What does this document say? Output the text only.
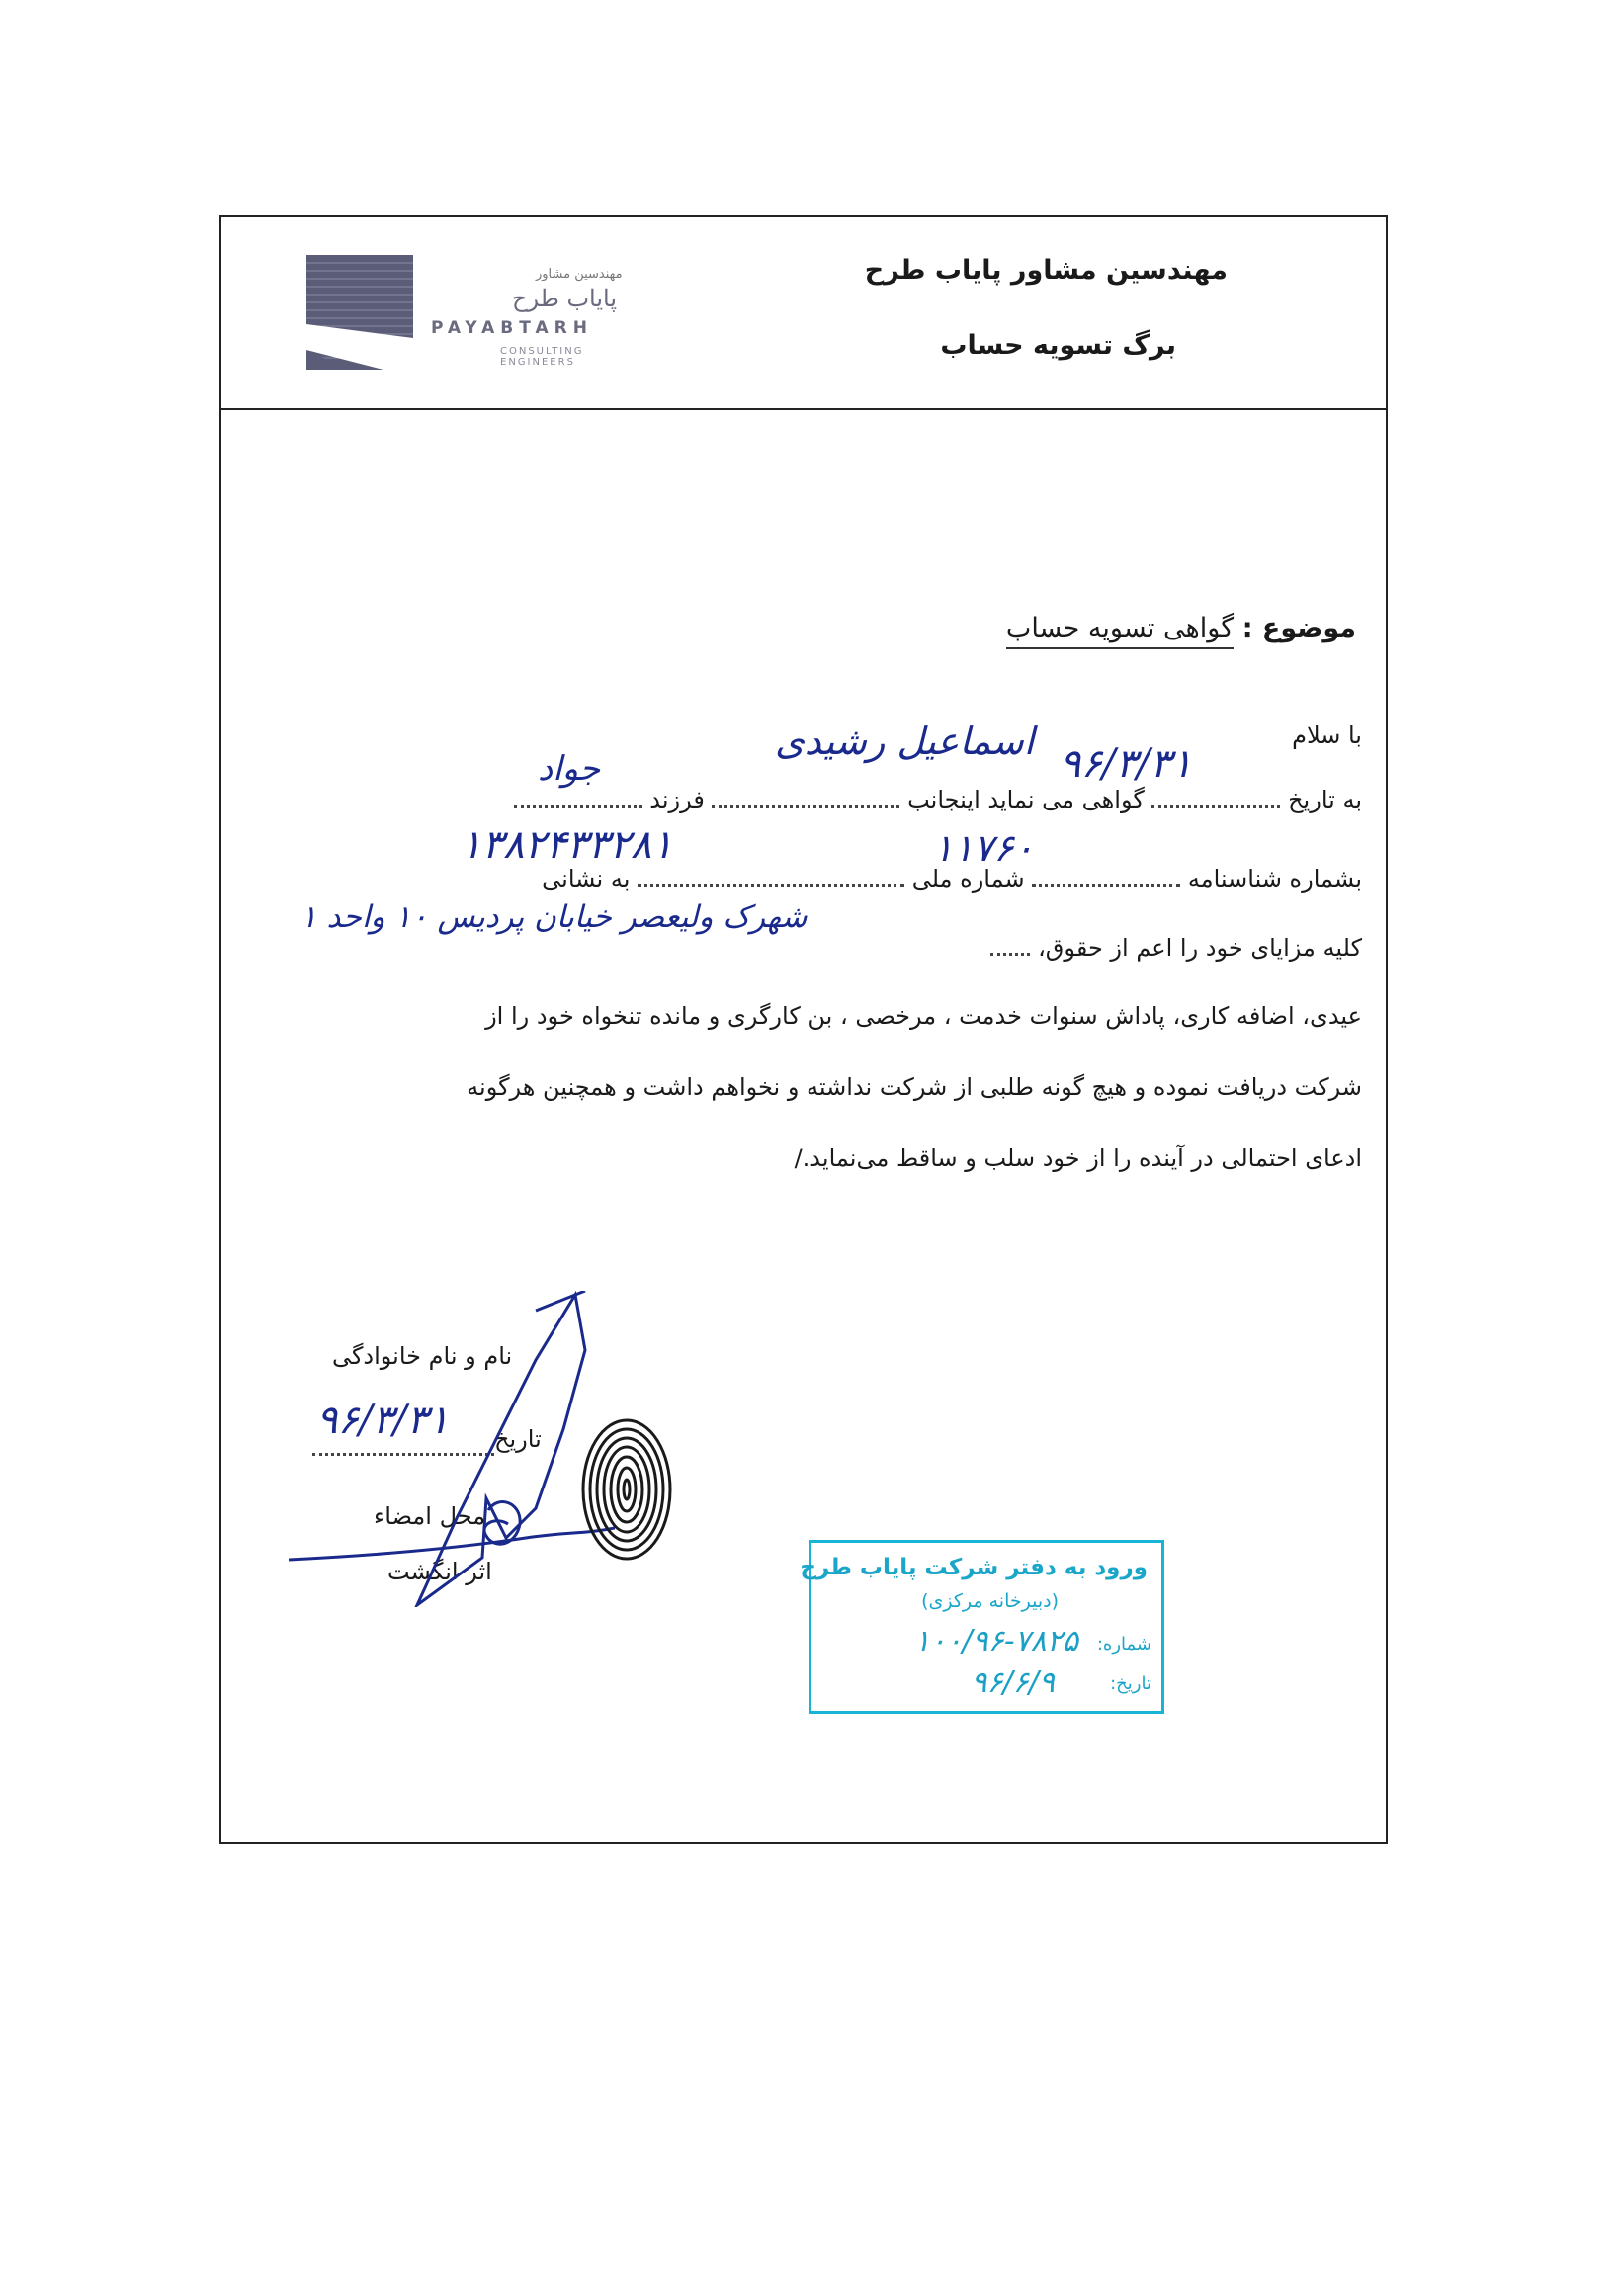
مهندسین مشاور پایاب طرح
برگ تسویه حساب
مهندسین مشاور
پایاب طرح
PAYABTARH
CONSULTING ENGINEERS
موضوع : گواهی تسویه حساب
با سلام
به تاریخ  گواهی می نماید اینجانب  فرزند
۹۶/۳/۳۱
اسماعیل رشیدی
جواد
بشماره شناسنامه  شماره ملی  به نشانی
۱۱۷۶۰
۱۳۸۲۴۳۳۲۸۱
کلیه مزایای خود را اعم از حقوق،
شهرک ولیعصر خیابان پردیس ۱۰ واحد ۱
عیدی، اضافه کاری، پاداش سنوات خدمت ، مرخصی ، بن کارگری و مانده تنخواه خود را از
شرکت دریافت نموده و هیچ گونه طلبی از شرکت نداشته و نخواهم داشت و همچنین هرگونه
ادعای احتمالی در آینده را از خود سلب و ساقط می‌نماید./
نام و نام خانوادگی
تاریخ
۹۶/۳/۳۱
محل امضاء
اثر انگشت	ورود به دفتر شرکت پایاب طرح
(دبیرخانه مرکزی)
شماره:
۱۰۰/۹۶-۷۸۲۵
تاریخ:
۹۶/۶/۹
